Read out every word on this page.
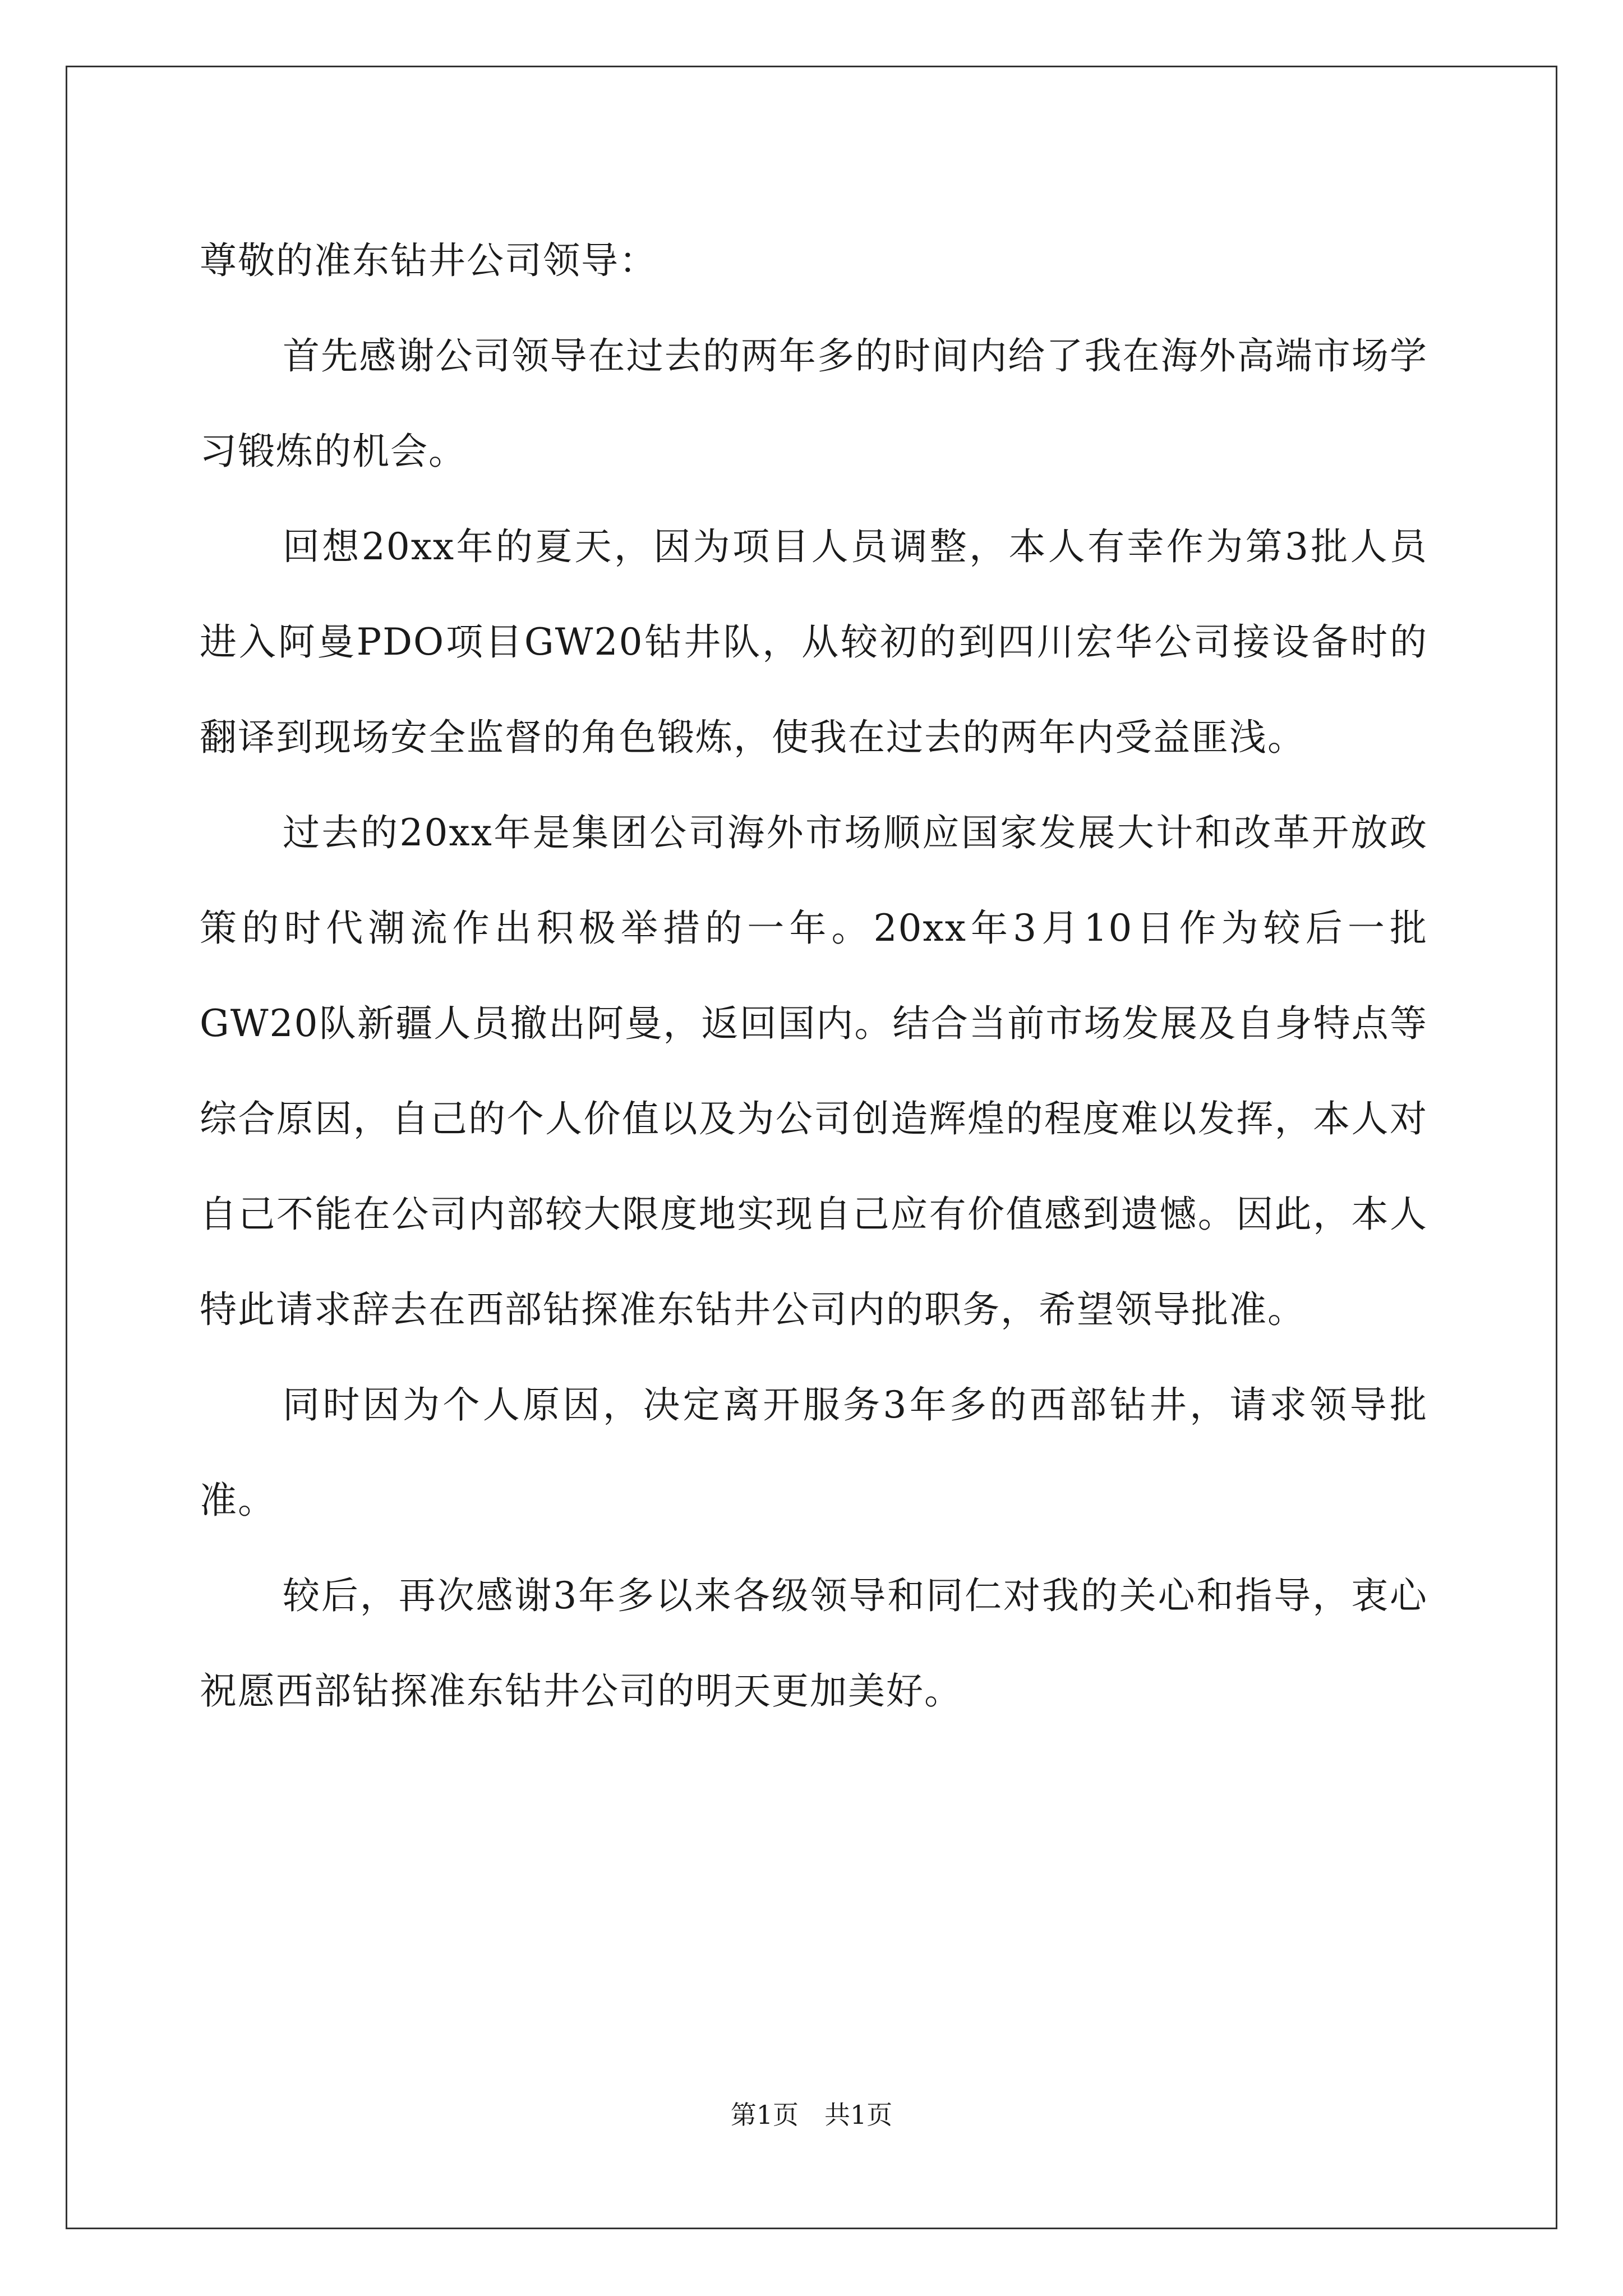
尊敬的准东钻井公司领导：

首先感谢公司领导在过去的两年多的时间内给了我在海外高端市场学习锻炼的机会。

回想20xx年的夏天，因为项目人员调整，本人有幸作为第3批人员进入阿曼PDO项目GW20钻井队，从较初的到四川宏华公司接设备时的翻译到现场安全监督的角色锻炼，使我在过去的两年内受益匪浅。

过去的20xx年是集团公司海外市场顺应国家发展大计和改革开放政策的时代潮流作出积极举措的一年。20xx年3月10日作为较后一批GW20队新疆人员撤出阿曼，返回国内。结合当前市场发展及自身特点等综合原因，自己的个人价值以及为公司创造辉煌的程度难以发挥，本人对自己不能在公司内部较大限度地实现自己应有价值感到遗憾。因此，本人特此请求辞去在西部钻探准东钻井公司内的职务，希望领导批准。

同时因为个人原因，决定离开服务3年多的西部钻井，请求领导批准。

较后，再次感谢3年多以来各级领导和同仁对我的关心和指导，衷心祝愿西部钻探准东钻井公司的明天更加美好。

第1页　共1页
